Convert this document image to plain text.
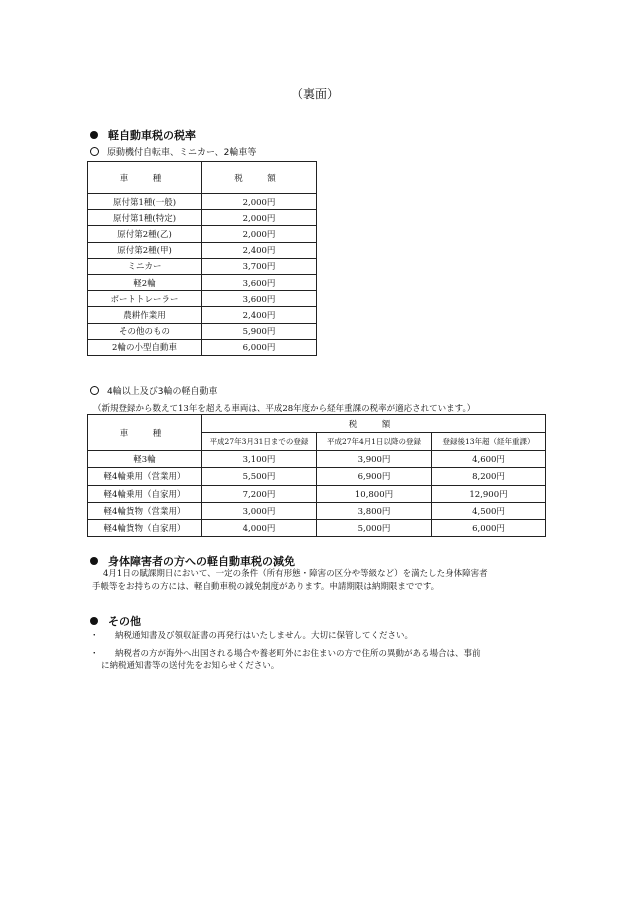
（裏面）
軽自動車税の税率
原動機付自転車、ミニカー、2輪車等
車　種	税　額
原付第1種(一般)	2,000円
原付第1種(特定)	2,000円
原付第2種(乙)	2,000円
原付第2種(甲)	2,400円
ミニカー	3,700円
軽2輪	3,600円
ボートトレーラー	3,600円
農耕作業用	2,400円
その他のもの	5,900円
2輪の小型自動車	6,000円
4輪以上及び3輪の軽自動車
（新規登録から数えて13年を超える車両は、平成28年度から経年重課の税率が適応されています。）
車　種	税　額		
	平成27年3月31日までの登録	平成27年4月1日以降の登録	登録後13年超（経年重課）
軽3輪	3,100円	3,900円	4,600円
軽4輪乗用（営業用）	5,500円	6,900円	8,200円
軽4輪乗用（自家用）	7,200円	10,800円	12,900円
軽4輪貨物（営業用）	3,000円	3,800円	4,500円
軽4輪貨物（自家用）	4,000円	5,000円	6,000円
身体障害者の方への軽自動車税の減免
4月1日の賦課期日において、一定の条件（所有形態・障害の区分や等級など）を満たした身体障害者
手帳等をお持ちの方には、軽自動車税の減免制度があります。申請期限は納期限までです。
その他
・	納税通知書及び領収証書の再発行はいたしません。大切に保管してください。
・	納税者の方が海外へ出国される場合や養老町外にお住まいの方で住所の異動がある場合は、事前
に納税通知書等の送付先をお知らせください。
